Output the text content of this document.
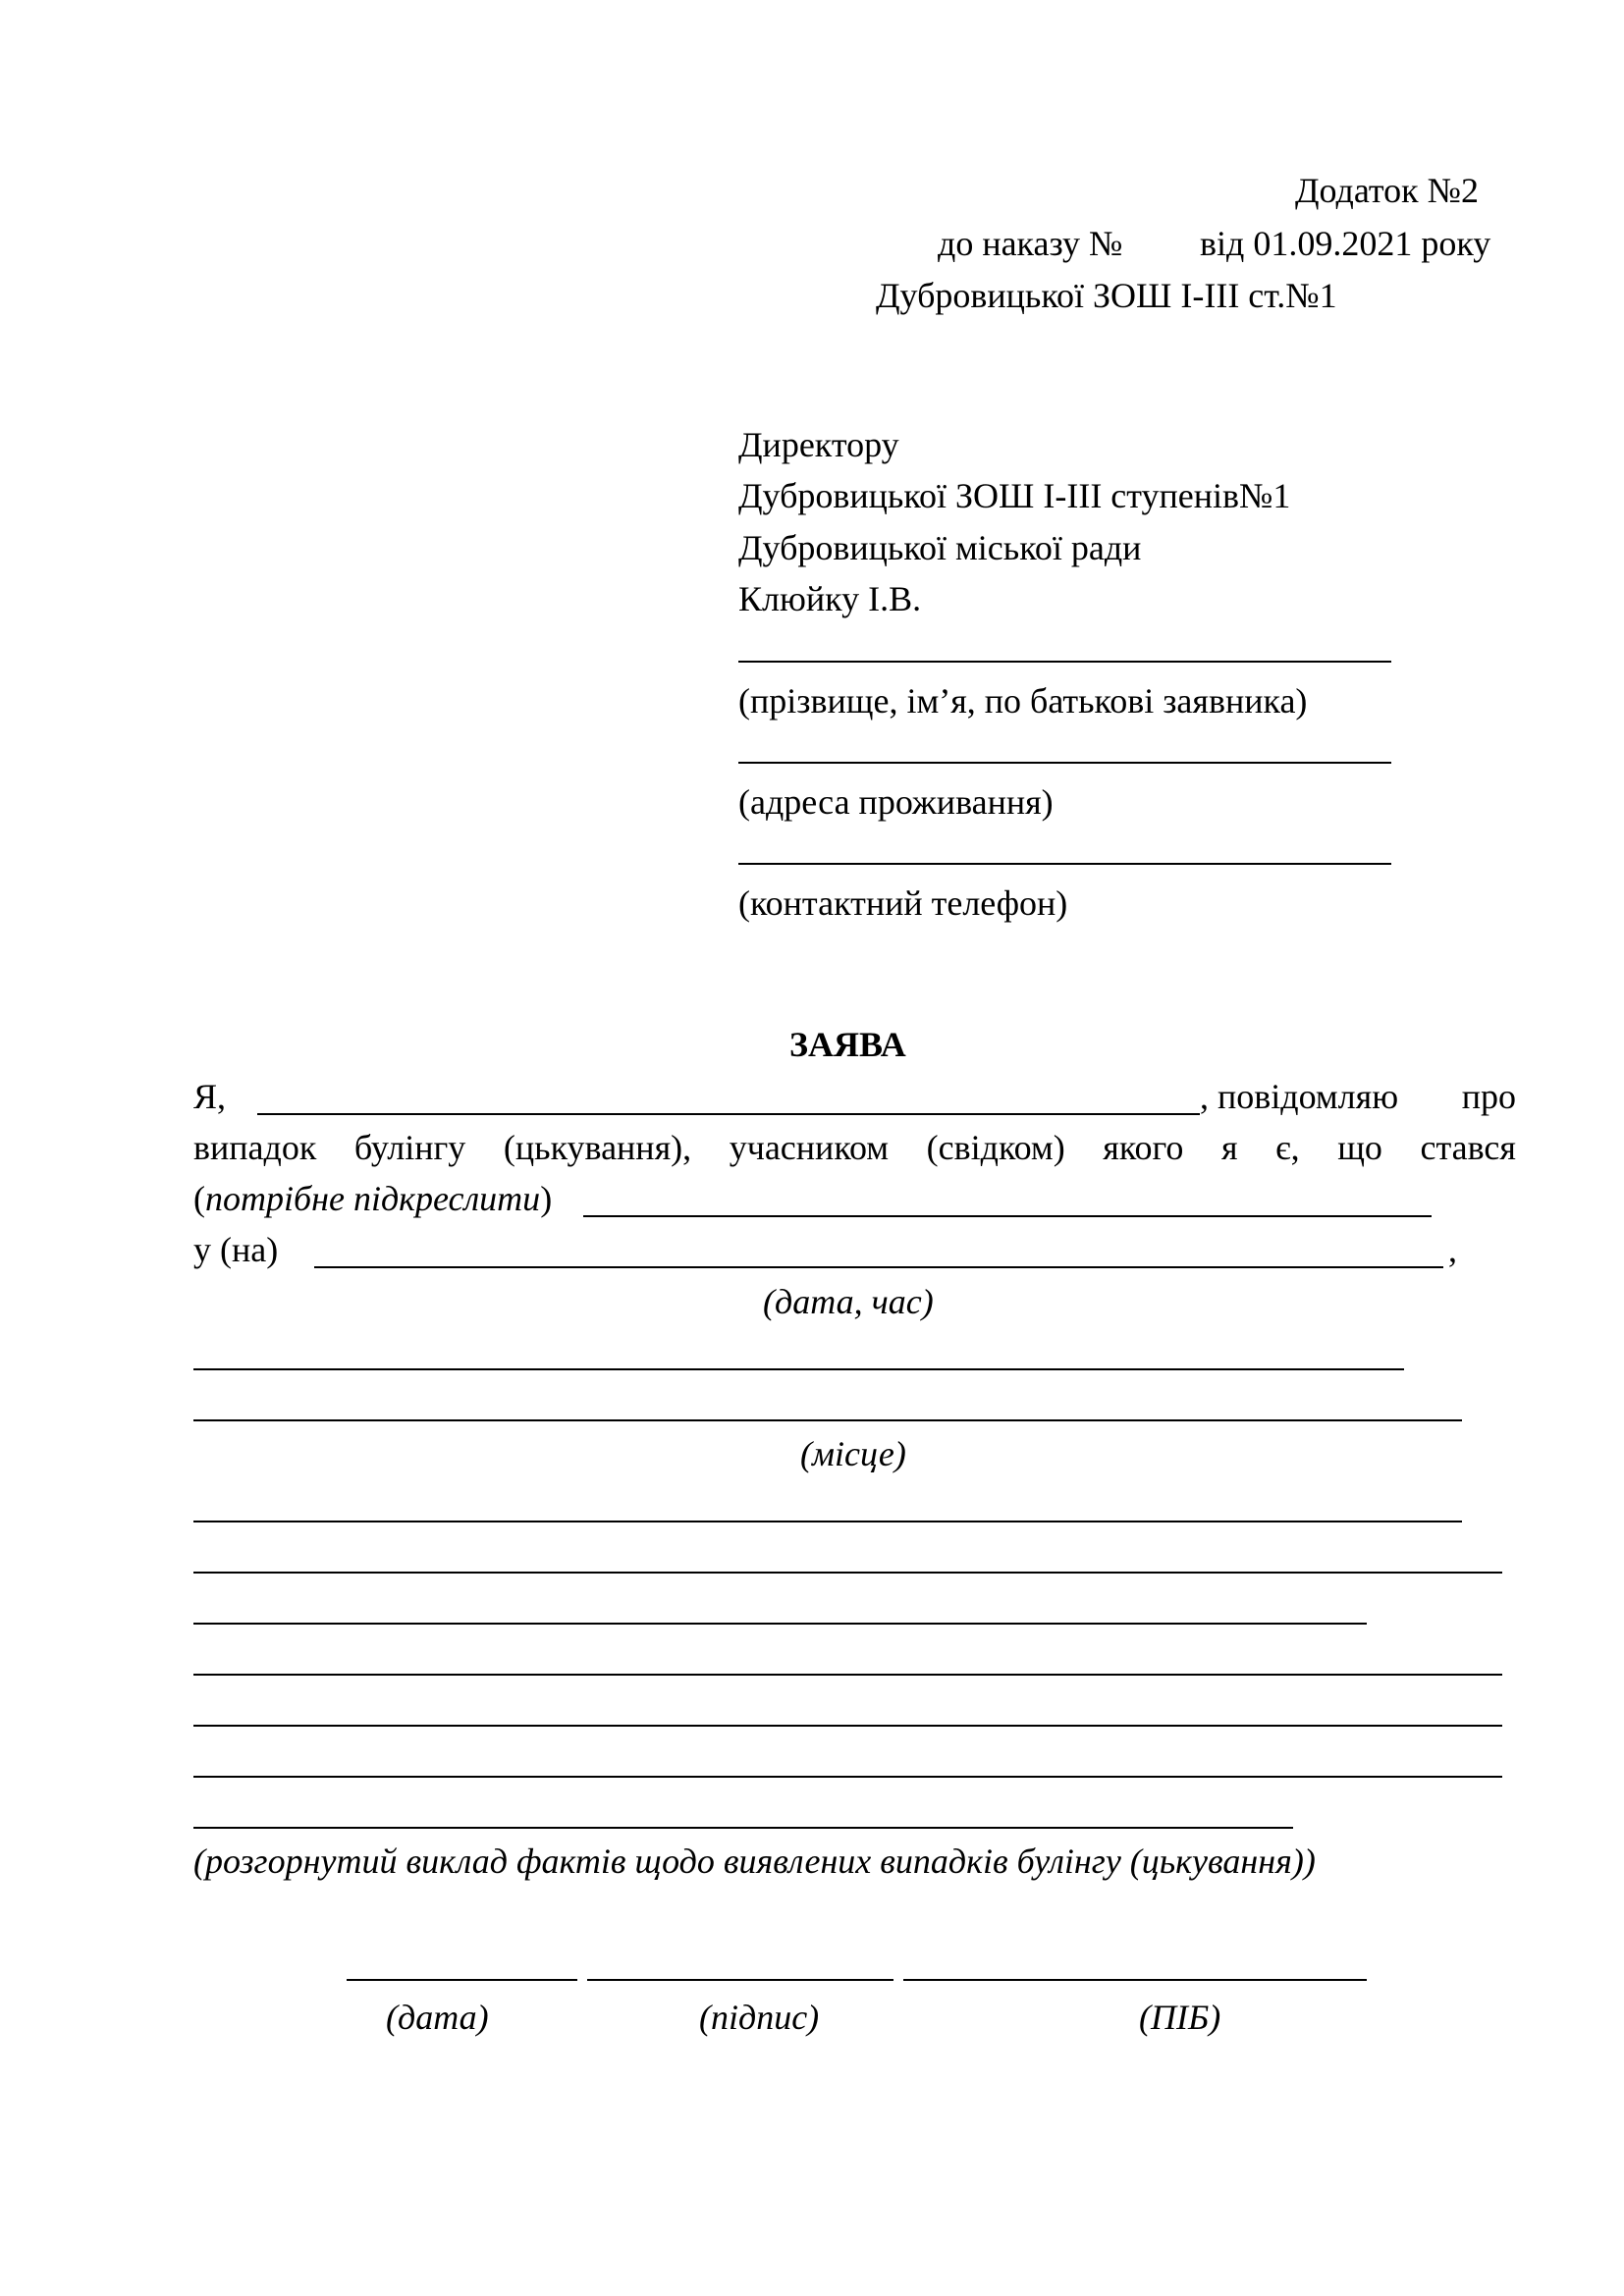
Додаток №2
до наказу № від 01.09.2021 року
Дубровицької ЗОШ І-ІІІ ст.№1
Директору
Дубровицької ЗОШ І-ІІІ ступенів№1
Дубровицької міської ради
Клюйку І.В.
(прізвище, ім’я, по батькові заявника)
(адреса проживання)
(контактний телефон)
ЗАЯВА
Я,	, повідомляю про
випадок булінгу (цькування), учасником (свідком) якого я є, що стався
(потрібне підкреслити)
у (на)	,
(дата, час)
(місце)
(розгорнутий виклад фактів щодо виявлених випадків булінгу (цькування))
(дата)	(підпис)	(ПІБ)
